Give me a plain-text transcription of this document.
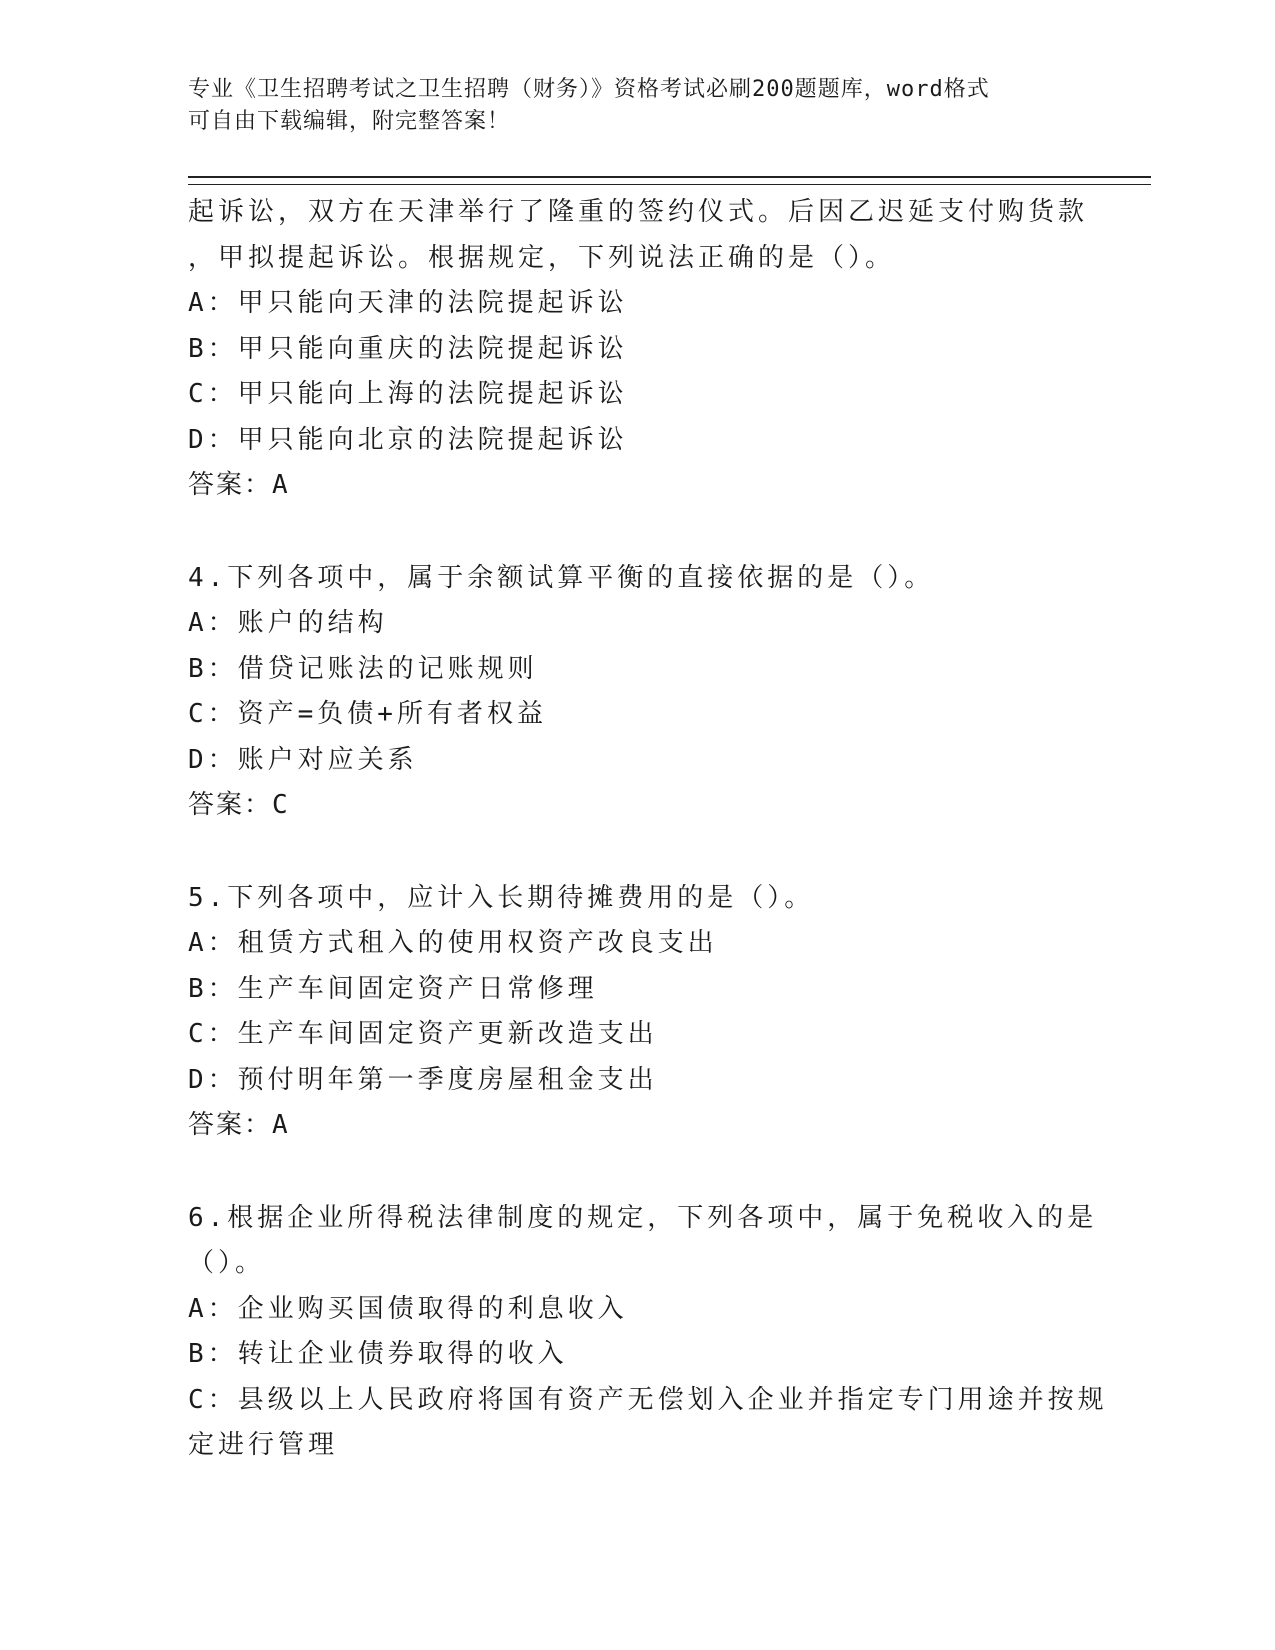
专业《卫生招聘考试之卫生招聘（财务）》资格考试必刷200题题库，word格式
可自由下载编辑，附完整答案！
起诉讼，双方在天津举行了隆重的签约仪式。后因乙迟延支付购货款
，甲拟提起诉讼。根据规定，下列说法正确的是（）。
A：甲只能向天津的法院提起诉讼
B：甲只能向重庆的法院提起诉讼
C：甲只能向上海的法院提起诉讼
D：甲只能向北京的法院提起诉讼
答案：A
4.下列各项中，属于余额试算平衡的直接依据的是（）。
A：账户的结构
B：借贷记账法的记账规则
C：资产=负债+所有者权益
D：账户对应关系
答案：C
5.下列各项中，应计入长期待摊费用的是（）。
A：租赁方式租入的使用权资产改良支出
B：生产车间固定资产日常修理
C：生产车间固定资产更新改造支出
D：预付明年第一季度房屋租金支出
答案：A
6.根据企业所得税法律制度的规定，下列各项中，属于免税收入的是
（）。
A：企业购买国债取得的利息收入
B：转让企业债券取得的收入
C：县级以上人民政府将国有资产无偿划入企业并指定专门用途并按规
定进行管理
